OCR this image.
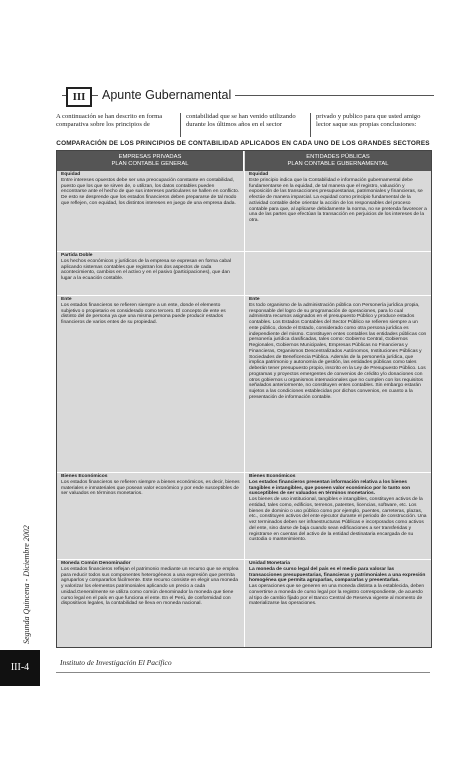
III	Apunte Gubernamental
A continuación se han descrito en forma comparativa sobre los principios de
contabilidad que se han venido utilizando durante los últimos años en el sector
privado y publico para que usted amigo lector saque sus propias conclusiones:
COMPARACIÓN DE LOS PRINCIPIOS DE CONTABILIDAD APLICADOS EN CADA UNO DE LOS GRANDES SECTORES
EMPRESAS PRIVADAS
PLAN CONTABLE GENERAL
ENTIDADES PÚBLICAS
PLAN CONTABLE GUBERNAMENTAL
Equidad
Entre intereses opuestos debe ser una preocupación constante en contabilidad, puesto que los que se sirven de, o utilizan, los datos contables pueden encontrarse ante el hecho de que sus intereses particulares se hallen en conflicto. De esto se desprende que los estados financieros deben prepararse de tal modo que reflejen, con equidad, los distintos intereses en juego de una empresa dada.
Equidad
Este principio indica que la Contabilidad e información gubernamental debe fundamentarse en la equidad, de tal manera que el registro, valuación y exposición de las transacciones presupuestarias, patrimoniales y financieras, se efectúe de manera imparcial. La equidad como principio fundamental de la actividad contable debe orientar la acción de los responsables del proceso contable para que, al aplicarse debidamente la norma, no se pretenda favorecer a una de las partes que efectúan la transacción en perjuicios de los intereses de la otra.
Partida Doble
Los hechos económicos y jurídicos de la empresa se expresan en forma cabal aplicando sistemas contables que registran los dos aspectos de cada acontecimiento, cambios en el activo y en el pasivo (participaciones), que dan lugar a la ecuación contable.
Ente
Los estados financieros se refieren siempre a un ente, donde el elemento subjetivo o propietario es considerado como tercero. El concepto de ente es distinto del de persona ya que una misma persona puede producir estados financieros de varios entes de su propiedad.
Ente
Es todo organismo de la administración pública con Personería jurídica propia, responsable del logro de su programación de operaciones, para lo cual administra recursos asignados en el presupuesto Público y produce estados contables. Los Estados Contables del Sector Público se refieren siempre a un ente público, donde el Estado, considerado como otra persona jurídica es independiente del mismo. Constituyen entes contables las entidades públicas con personería jurídica clasificadas, tales como: Gobierno Central, Gobiernos Regionales, Gobiernos Municipales, Empresas Públicas no Financieras y Financieras, Organismos Descentralizados Autónomos, Instituciones Públicas y Sociedades de Beneficencia Pública. Además de la personería jurídica, que implica patrimonio y autonomía de gestión, las entidades públicas como tales deberán tener presupuesto propio, inscrito en la Ley de Presupuesto Público. Los programas y proyectos emergentes de convenios de crédito y/o donaciones con otros gobiernos u organismos internacionales que no cumplen con los requisitos señalados anteriormente, no constituyen entes contables. Sin embargo estarán sujetos a las condiciones establecidas por dichos convenios, en cuanto a la presentación de información contable.
Bienes Económicos
Los estados financieros se refieren siempre a bienes económicos, es decir, bienes materiales e inmateriales que posean valor económico y por ende susceptibles de ser valuados en términos monetarios.
Bienes Económicos
Los estados financieros presentan información relativa a los bienes tangibles e intangibles, que poseen valor económico por lo tanto son susceptibles de ser valuados en términos monetarios.
Los bienes de uso institucional, tangibles e intangibles, constituyen activos de la entidad, tales como, edificios, terrenos, patentes, licencias, software, etc. Los bienes de dominio o uso público como por ejemplo, puentes, carreteras, plazas, etc., constituyen activos del ente ejecutor durante el periodo de construcción. Una vez terminados deben ser infraestructuras Públicas e incorporados como activos del ente, sino darse de baja cuando sean edificaciones a ser transferidas y registrarse en cuentas del activo de la entidad destinataria encargada de su custodia o mantenimiento.
Moneda Común Denominador
Los estados financieros reflejan el patrimonio mediante un recurso que se emplea para reducir todos sus componentes heterogéneos a una expresión que permita agruparlos y compararlos fácilmente. Este recurso consiste en elegir una moneda y valorizar los elementos patrimoniales aplicando un precio a cada unidad.Generalmente se utiliza como común denominador la moneda que tiene curso legal en el país en que funciona el ente. En el Perú, de conformidad con dispositivos legales, la contabilidad se lleva en moneda nacional.
Unidad Monetaria
La moneda de curso legal del país es el medio para valorar las transacciones presupuestarias, financieras y patrimoniales a una expresión homogénea que permita agruparlas, compararlas y presentarlas.
Las operaciones que se generen en una moneda distinta a la establecida, deben convertirse a moneda de curso legal por la registro correspondiente, de acuerdo al tipo de cambio fijado por el Banco Central de Reserva vigente al momento de materializarse las operaciones.
Segunda Quincena - Diciembre 2002
III-4	Instituto de Investigación El Pacífico
